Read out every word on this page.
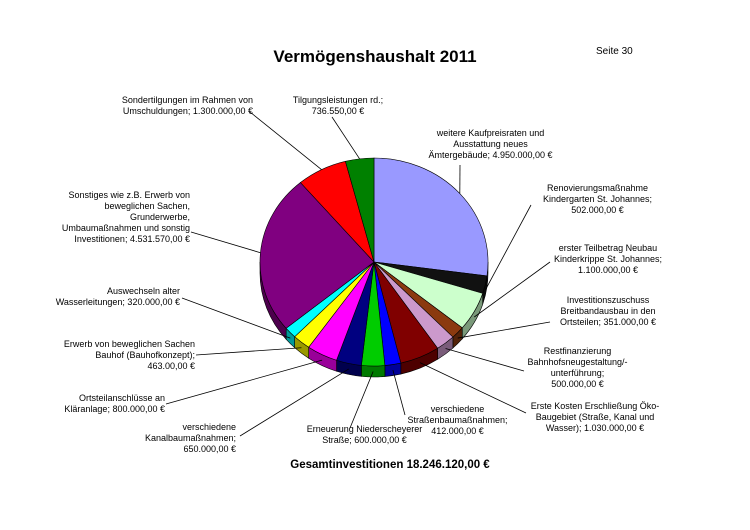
Vermögenshaushalt 2011	Seite 30
Gesamtinvestitionen 18.246.120,00 €
weitere Kaufpreisraten und
Ausstattung neues
Ämtergebäude; 4.950.000,00 €
Renovierungsmaßnahme
Kindergarten St. Johannes;
502.000,00 €
erster Teilbetrag Neubau
Kinderkrippe St. Johannes;
1.100.000,00 €
Investitionszuschuss
Breitbandausbau in den
Ortsteilen; 351.000,00 €
Restfinanzierung
Bahnhofsneugestaltung/-
unterführung;
500.000,00 €
Erste Kosten Erschließung Öko-
Baugebiet (Straße, Kanal und
Wasser); 1.030.000,00 €
verschiedene
Straßenbaumaßnahmen;
412.000,00 €
Erneuerung Niederscheyerer
Straße; 600.000,00 €
verschiedene
Kanalbaumaßnahmen;
650.000,00 €
Ortsteilanschlüsse an
Kläranlage; 800.000,00 €
Erwerb von beweglichen Sachen
Bauhof (Bauhofkonzept);
463.00,00 €
Auswechseln alter
Wasserleitungen; 320.000,00 €
Sonstiges wie z.B. Erwerb von
beweglichen Sachen,
Grunderwerbe,
Umbaumaßnahmen und sonstig
Investitionen; 4.531.570,00 €
Sondertilgungen im Rahmen von
Umschuldungen; 1.300.000,00 €
Tilgungsleistungen rd.;
736.550,00 €
